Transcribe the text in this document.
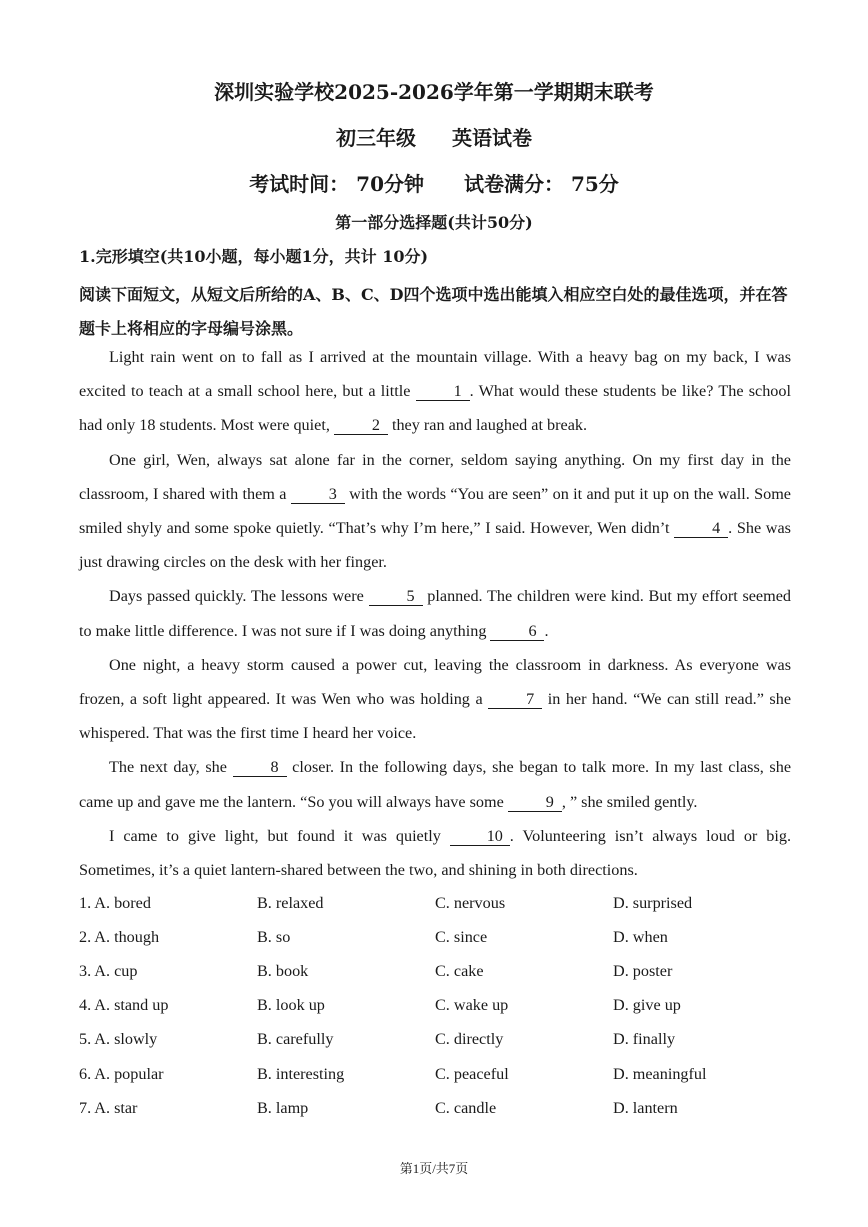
深圳实验学校2025-2026学年第一学期期末联考
初三年级 英语试卷
考试时间： 70分钟 试卷满分： 75分
第一部分选择题(共计50分)
1.完形填空(共10小题，每小题1分，共计 10分)
阅读下面短文，从短文后所给的A、B、C、D四个选项中选出能填入相应空白处的最佳选项，并在答题卡上将相应的字母编号涂黑。

Light rain went on to fall as I arrived at the mountain village. With a heavy bag on my back, I was excited to teach at a small school here, but a little 1 . What would these students be like? The school had only 18 students. Most were quiet, 2 they ran and laughed at break.

One girl, Wen, always sat alone far in the corner, seldom saying anything. On my first day in the classroom, I shared with them a 3 with the words “You are seen” on it and put it up on the wall. Some smiled shyly and some spoke quietly. “That’s why I’m here,” I said. However, Wen didn’t 4 . She was just drawing circles on the desk with her finger.

Days passed quickly. The lessons were 5 planned. The children were kind. But my effort seemed to make little difference. I was not sure if I was doing anything 6 .

One night, a heavy storm caused a power cut, leaving the classroom in darkness. As everyone was frozen, a soft light appeared. It was Wen who was holding a 7 in her hand. “We can still read.” she whispered. That was the first time I heard her voice.

The next day, she 8 closer. In the following days, she began to talk more. In my last class, she came up and gave me the lantern. “So you will always have some 9 , ” she smiled gently.

I came to give light, but found it was quietly 10 . Volunteering isn’t always loud or big. Sometimes, it’s a quiet lantern-shared between the two, and shining in both directions.

1. A. bored	B. relaxed	C. nervous	D. surprised
2. A. though	B. so	C. since	D. when
3. A. cup	B. book	C. cake	D. poster
4. A. stand up	B. look up	C. wake up	D. give up
5. A. slowly	B. carefully	C. directly	D. finally
6. A. popular	B. interesting	C. peaceful	D. meaningful
7. A. star	B. lamp	C. candle	D. lantern
第1页/共7页
